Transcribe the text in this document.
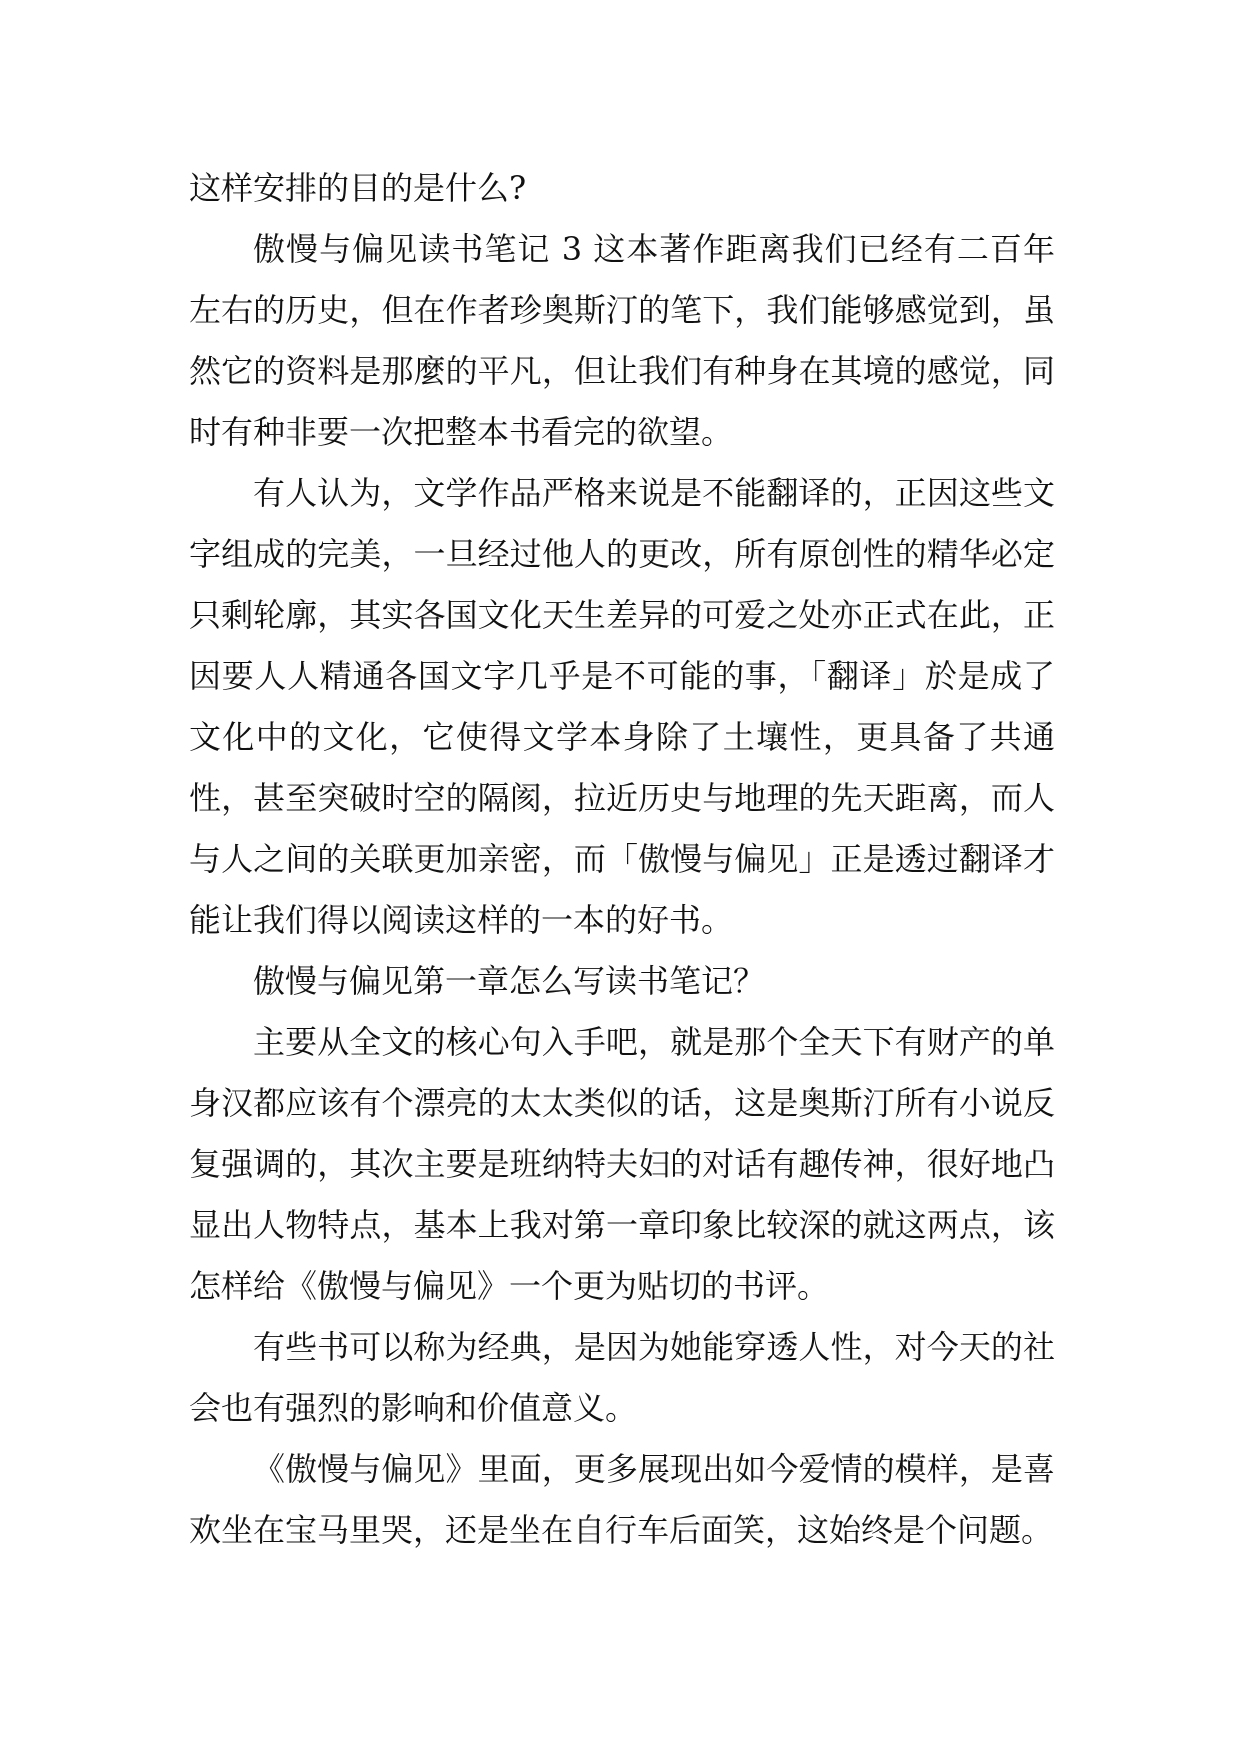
这样安排的目的是什么?

傲慢与偏见读书笔记 3 这本著作距离我们已经有二百年左右的历史，但在作者珍奥斯汀的笔下，我们能够感觉到，虽然它的资料是那麼的平凡，但让我们有种身在其境的感觉，同时有种非要一次把整本书看完的欲望。

有人认为，文学作品严格来说是不能翻译的，正因这些文字组成的完美，一旦经过他人的更改，所有原创性的精华必定只剩轮廓，其实各国文化天生差异的可爱之处亦正式在此，正因要人人精通各国文字几乎是不可能的事，「翻译」於是成了文化中的文化，它使得文学本身除了土壤性，更具备了共通性，甚至突破时空的隔阂，拉近历史与地理的先天距离，而人与人之间的关联更加亲密，而「傲慢与偏见」正是透过翻译才能让我们得以阅读这样的一本的好书。

傲慢与偏见第一章怎么写读书笔记？

主要从全文的核心句入手吧，就是那个全天下有财产的单身汉都应该有个漂亮的太太类似的话，这是奥斯汀所有小说反复强调的，其次主要是班纳特夫妇的对话有趣传神，很好地凸显出人物特点，基本上我对第一章印象比较深的就这两点，该怎样给《傲慢与偏见》一个更为贴切的书评。

有些书可以称为经典，是因为她能穿透人性，对今天的社会也有强烈的影响和价值意义。

《傲慢与偏见》里面，更多展现出如今爱情的模样，是喜欢坐在宝马里哭，还是坐在自行车后面笑，这始终是个问题。
